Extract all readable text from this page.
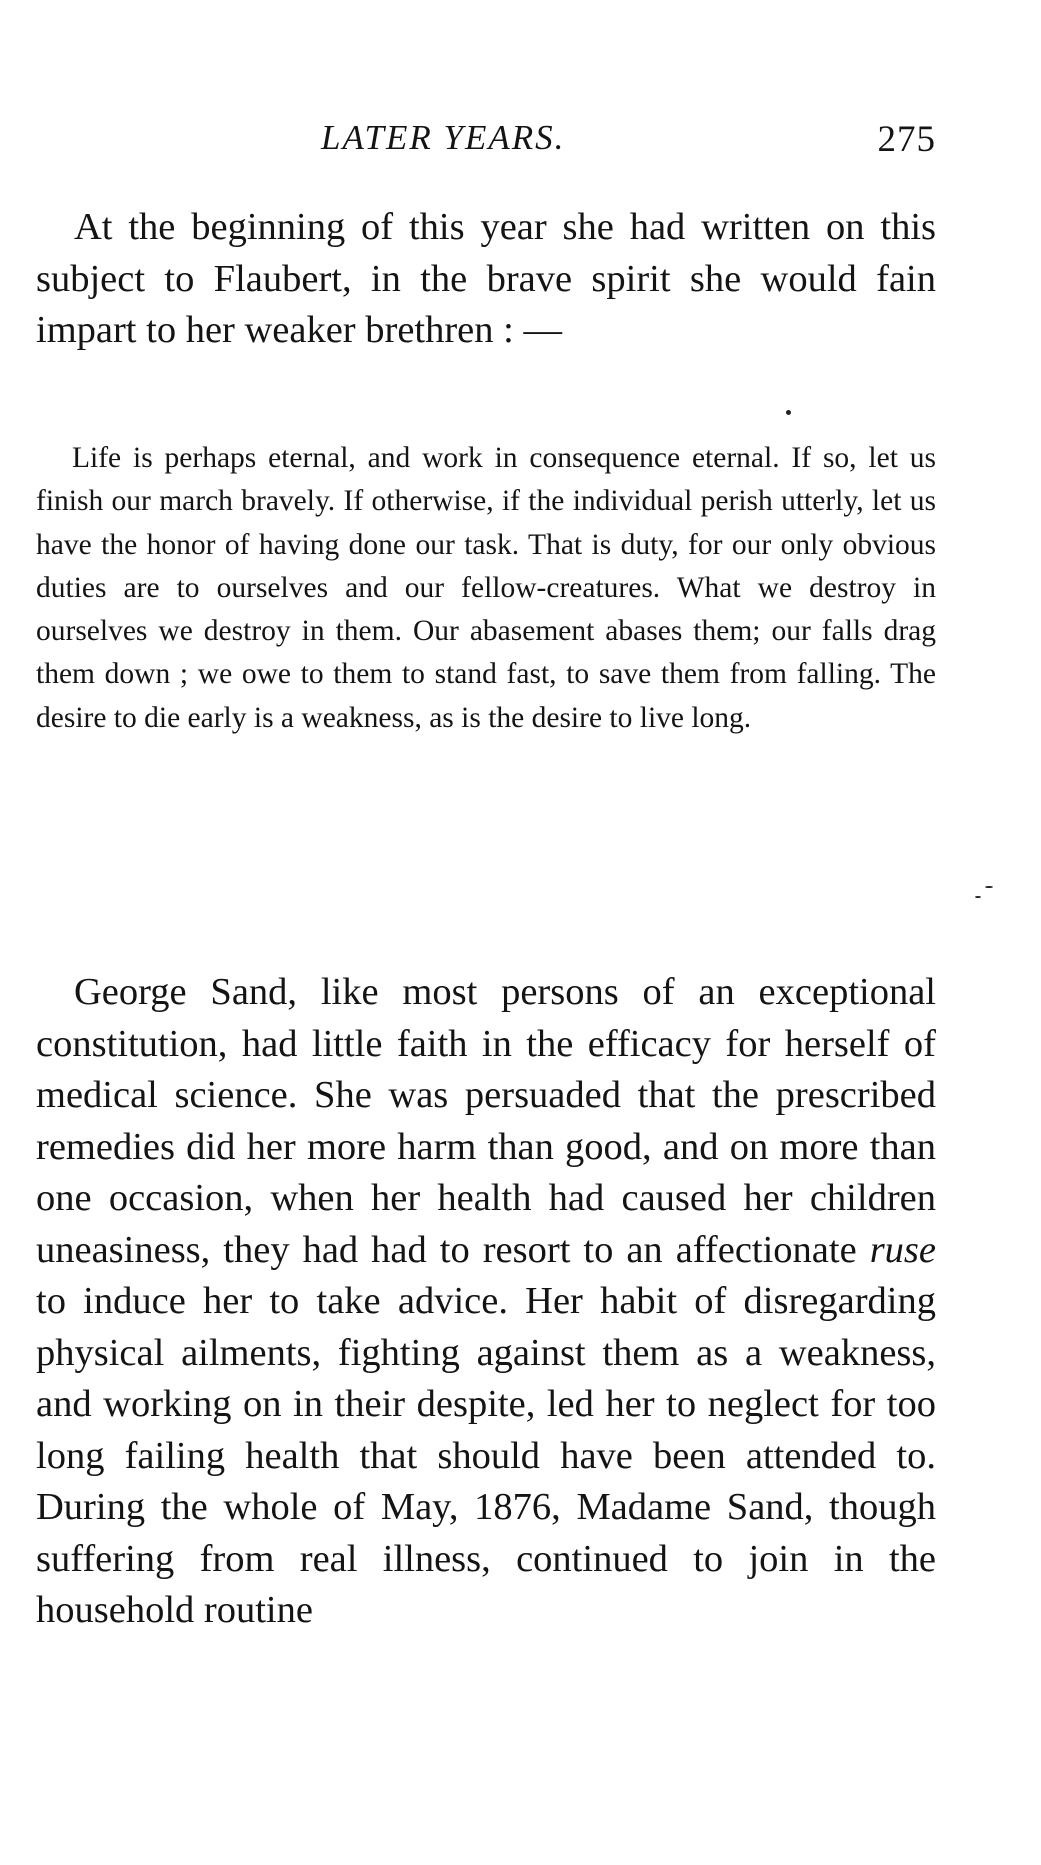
LATER YEARS.	275

At the beginning of this year she had written on this subject to Flaubert, in the brave spirit she would fain impart to her weaker brethren : —

Life is perhaps eternal, and work in consequence eternal. If so, let us finish our march bravely. If otherwise, if the individual perish utterly, let us have the honor of having done our task. That is duty, for our only obvious duties are to ourselves and our fellow-creatures. What we destroy in ourselves we destroy in them. Our abasement abases them; our falls drag them down ; we owe to them to stand fast, to save them from falling. The desire to die early is a weakness, as is the desire to live long.

George Sand, like most persons of an exceptional constitution, had little faith in the efficacy for herself of medical science. She was persuaded that the prescribed remedies did her more harm than good, and on more than one occasion, when her health had caused her children uneasiness, they had had to resort to an affectionate ruse to induce her to take advice. Her habit of disregarding physical ailments, fighting against them as a weakness, and working on in their despite, led her to neglect for too long failing health that should have been attended to. During the whole of May, 1876, Madame Sand, though suffering from real illness, continued to join in the household routine
